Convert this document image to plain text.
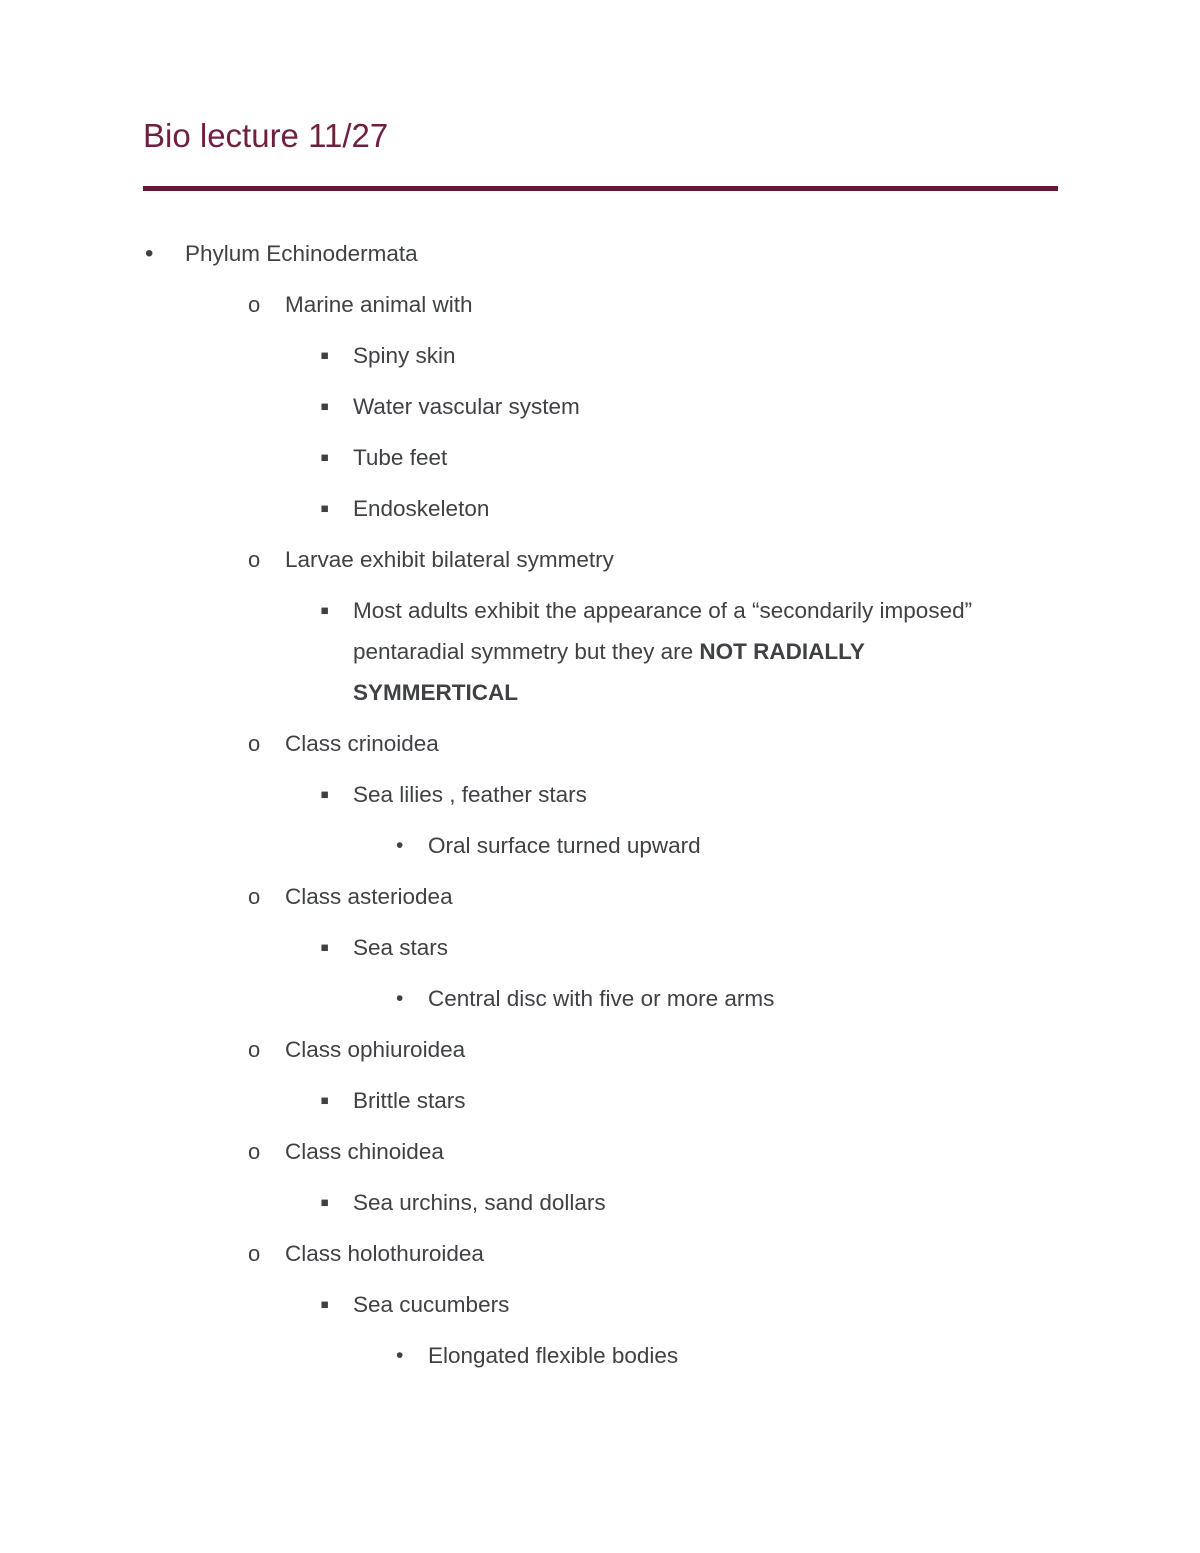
Bio lecture 11/27
•	Phylum Echinodermata
o	Marine animal with
▪	Spiny skin
▪	Water vascular system
▪	Tube feet
▪	Endoskeleton
o	Larvae exhibit bilateral symmetry
▪	Most adults exhibit the appearance of a “secondarily imposed” pentaradial symmetry but they are NOT RADIALLY SYMMERTICAL
o	Class crinoidea
▪	Sea lilies , feather stars
•	Oral surface turned upward
o	Class asteriodea
▪	Sea stars
•	Central disc with five or more arms
o	Class ophiuroidea
▪	Brittle stars
o	Class chinoidea
▪	Sea urchins, sand dollars
o	Class holothuroidea
▪	Sea cucumbers
•	Elongated flexible bodies
